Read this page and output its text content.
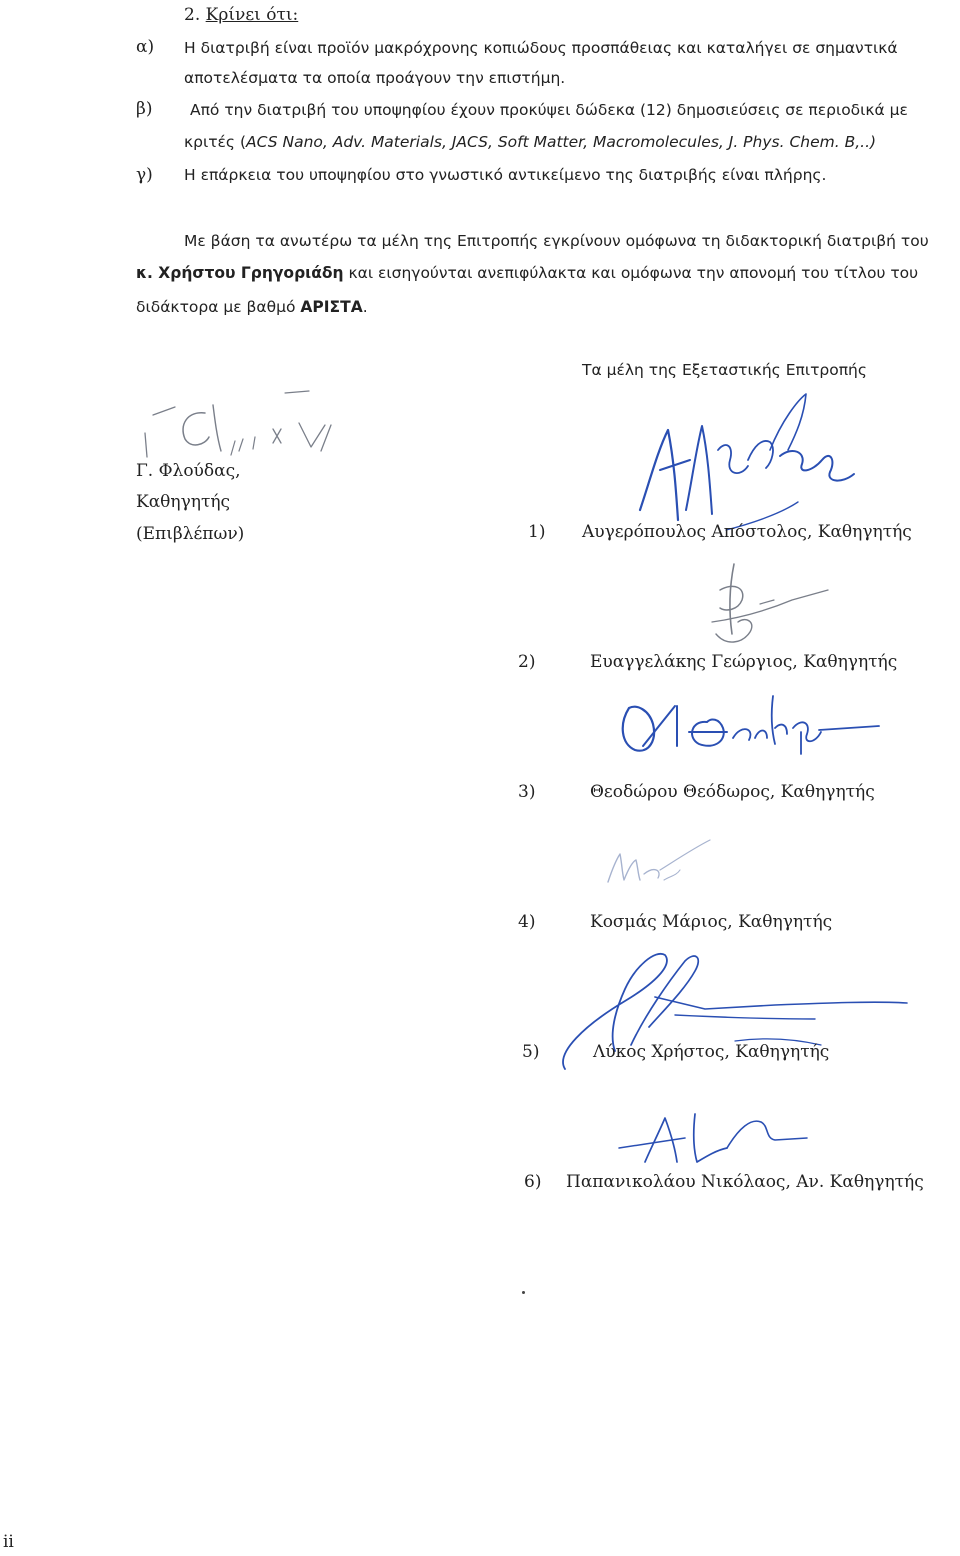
2. Κρίνει ότι:
α) Η διατριβή είναι προϊόν μακρόχρονης κοπιώδους προσπάθειας και καταλήγει σε σημαντικά
αποτελέσματα τα οποία προάγουν την επιστήμη.
β) Από την διατριβή του υποψηφίου έχουν προκύψει δώδεκα (12) δημοσιεύσεις σε περιοδικά με
κριτές (ACS Nano, Adv. Materials, JACS, Soft Matter, Macromolecules, J. Phys. Chem. B,..)
γ) Η επάρκεια του υποψηφίου στο γνωστικό αντικείμενο της διατριβής είναι πλήρης.
Με βάση τα ανωτέρω τα μέλη της Επιτροπής εγκρίνουν ομόφωνα τη διδακτορική διατριβή του
κ. Χρήστου Γρηγοριάδη και εισηγούνται ανεπιφύλακτα και ομόφωνα την απονομή του τίτλου του
διδάκτορα με βαθμό ΑΡΙΣΤΑ.
Τα μέλη της Εξεταστικής Επιτροπής
Γ. Φλούδας,
Καθηγητής
(Επιβλέπων)	1) Αυγερόπουλος Απόστολος, Καθηγητής
2)	Ευαγγελάκης Γεώργιος, Καθηγητής
3)	Θεοδώρου Θεόδωρος, Καθηγητής
4)	Κοσμάς Μάριος, Καθηγητής
5)	Λύκος Χρήστος, Καθηγητής
6) Παπανικολάου Νικόλαος, Αν. Καθηγητής
ii
